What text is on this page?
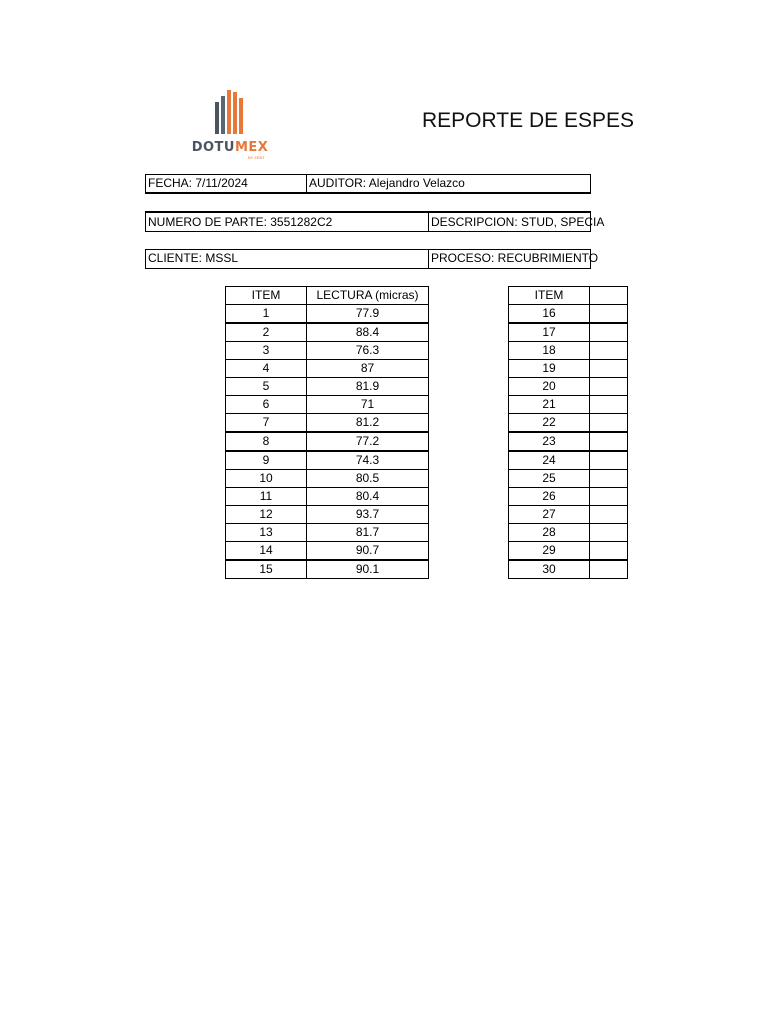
DOTUMEX
BY ZENT
REPORTE DE ESPES
FECHA: 7/11/2024	AUDITOR: Alejandro Velazco
NUMERO DE PARTE: 3551282C2	DESCRIPCION: STUD, SPECIA
CLIENTE: MSSL	PROCESO: RECUBRIMIENTO
ITEM	LECTURA (micras)
1	77.9
2	88.4
3	76.3
4	87
5	81.9
6	71
7	81.2
8	77.2
9	74.3
10	80.5
11	80.4
12	93.7
13	81.7
14	90.7
15	90.1
ITEM	
16	
17	
18	
19	
20	
21	
22	
23	
24	
25	
26	
27	
28	
29	
30	
